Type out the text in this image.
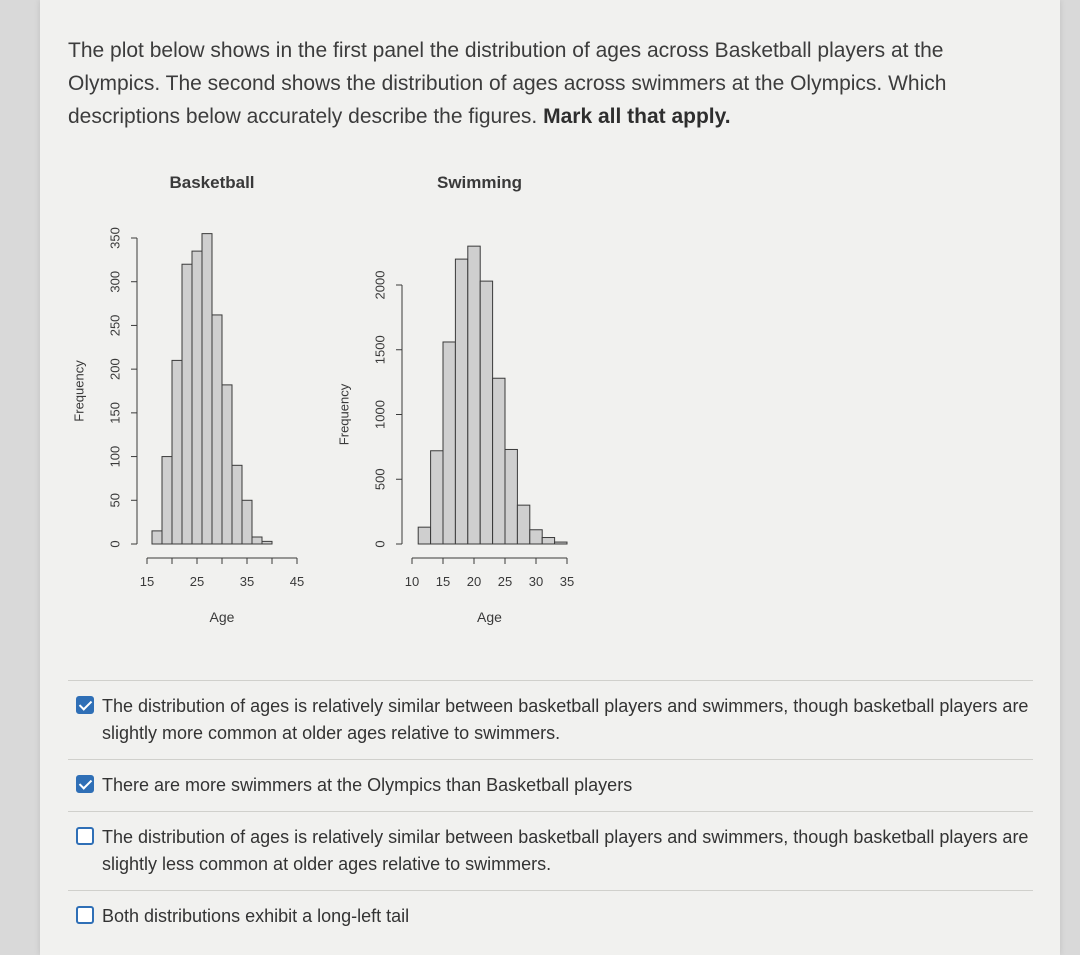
The plot below shows in the first panel the distribution of ages across Basketball players at the Olympics. The second shows the distribution of ages across swimmers at the Olympics. Which descriptions below accurately describe the figures. Mark all that apply.
Basketball
0
50
100
150
200
250
300
350
Frequency
15	25	35	45
Age
Swimming
0
500
1000
1500
2000
Frequency
10 15 20 25 30 35
Age
The distribution of ages is relatively similar between basketball players and swimmers, though basketball players are slightly more common at older ages relative to swimmers.
There are more swimmers at the Olympics than Basketball players
The distribution of ages is relatively similar between basketball players and swimmers, though basketball players are slightly less common at older ages relative to swimmers.
Both distributions exhibit a long-left tail
